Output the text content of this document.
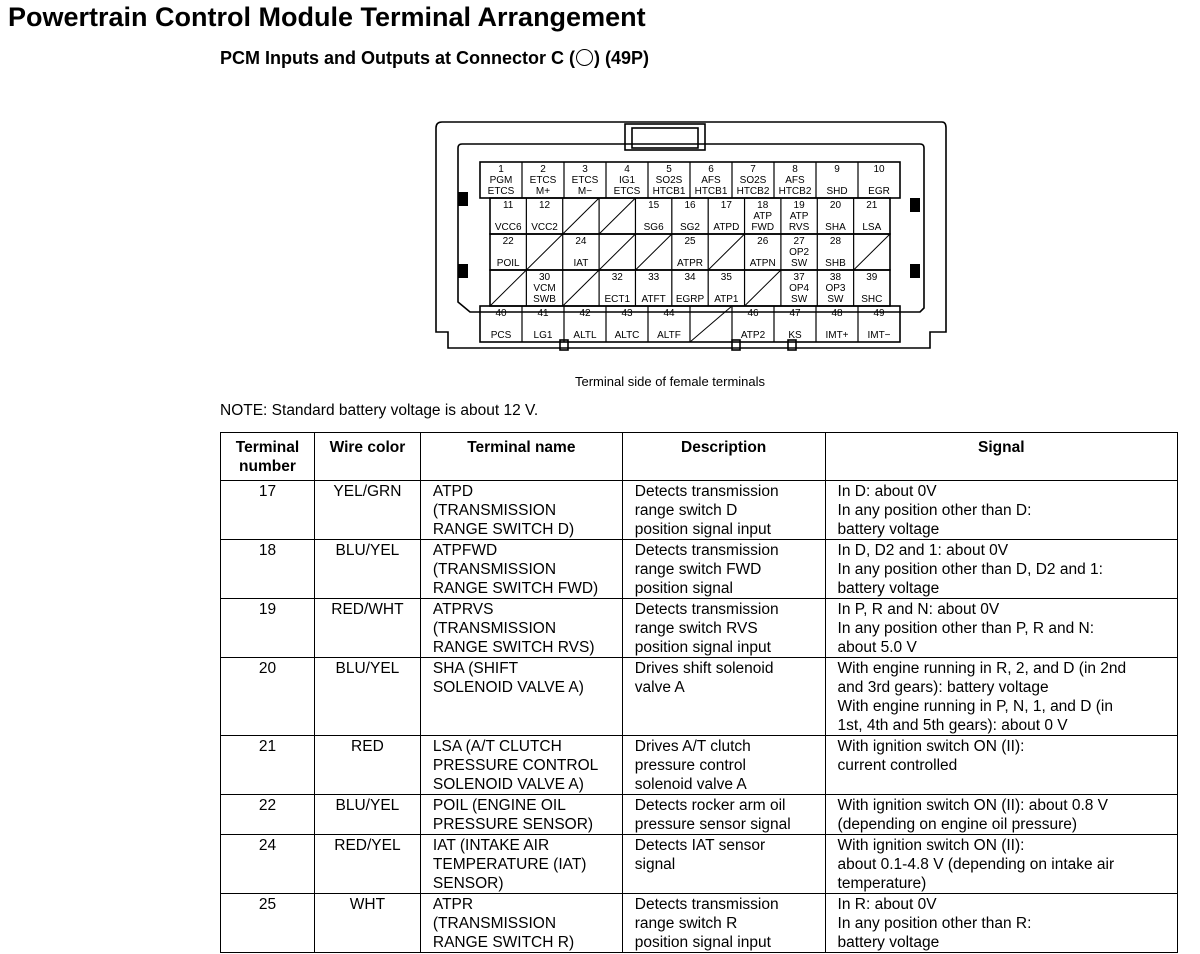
Powertrain Control Module Terminal Arrangement
PCM Inputs and Outputs at Connector C ( ) (49P)
1
PGM
ETCS
2
ETCS
M+
3
ETCS
M−
4
IG1
ETCS
5
SO2S
HTCB1
6
AFS
HTCB1
7
SO2S
HTCB2
8
AFS
HTCB2
9
SHD
10
EGR
11
VCC6
12
VCC2
15
SG6
16
SG2
17
ATPD
18
ATP
FWD
19
ATP
RVS
20
SHA
21
LSA
22
POIL
24
IAT
25
ATPR
26
ATPN
27
OP2
SW
28
SHB
30
VCM
SWB
32
ECT1
33
ATFT
34
EGRP
35
ATP1
37
OP4
SW
38
OP3
SW
39
SHC
40
PCS
41
LG1
42
ALTL
43
ALTC
44
ALTF
46
ATP2
47
KS
48
IMT+
49
IMT−
Terminal side of female terminals
NOTE: Standard battery voltage is about 12 V.
Terminal number	Wire color	Terminal name	Description	Signal
17	YEL/GRN	ATPD
(TRANSMISSION
RANGE SWITCH D)	Detects transmission
range switch D
position signal input	In D: about 0V
In any position other than D:
battery voltage

18	BLU/YEL	ATPFWD
(TRANSMISSION
RANGE SWITCH FWD)	Detects transmission
range switch FWD
position signal	In D, D2 and 1: about 0V
In any position other than D, D2 and 1:
battery voltage

19	RED/WHT	ATPRVS
(TRANSMISSION
RANGE SWITCH RVS)	Detects transmission
range switch RVS
position signal input	In P, R and N: about 0V
In any position other than P, R and N:
about 5.0 V

20	BLU/YEL	SHA (SHIFT
SOLENOID VALVE A)	Drives shift solenoid
valve A	With engine running in R, 2, and D (in 2nd
and 3rd gears): battery voltage
With engine running in P, N, 1, and D (in
1st, 4th and 5th gears): about 0 V

21	RED	LSA (A/T CLUTCH
PRESSURE CONTROL
SOLENOID VALVE A)	Drives A/T clutch
pressure control
solenoid valve A	With ignition switch ON (II):
current controlled

22	BLU/YEL	POIL (ENGINE OIL
PRESSURE SENSOR)	Detects rocker arm oil
pressure sensor signal	With ignition switch ON (II): about 0.8 V
(depending on engine oil pressure)

24	RED/YEL	IAT (INTAKE AIR
TEMPERATURE (IAT)
SENSOR)	Detects IAT sensor
signal	With ignition switch ON (II):
about 0.1-4.8 V (depending on intake air
temperature)

25	WHT	ATPR
(TRANSMISSION
RANGE SWITCH R)	Detects transmission
range switch R
position signal input	In R: about 0V
In any position other than R:
battery voltage
